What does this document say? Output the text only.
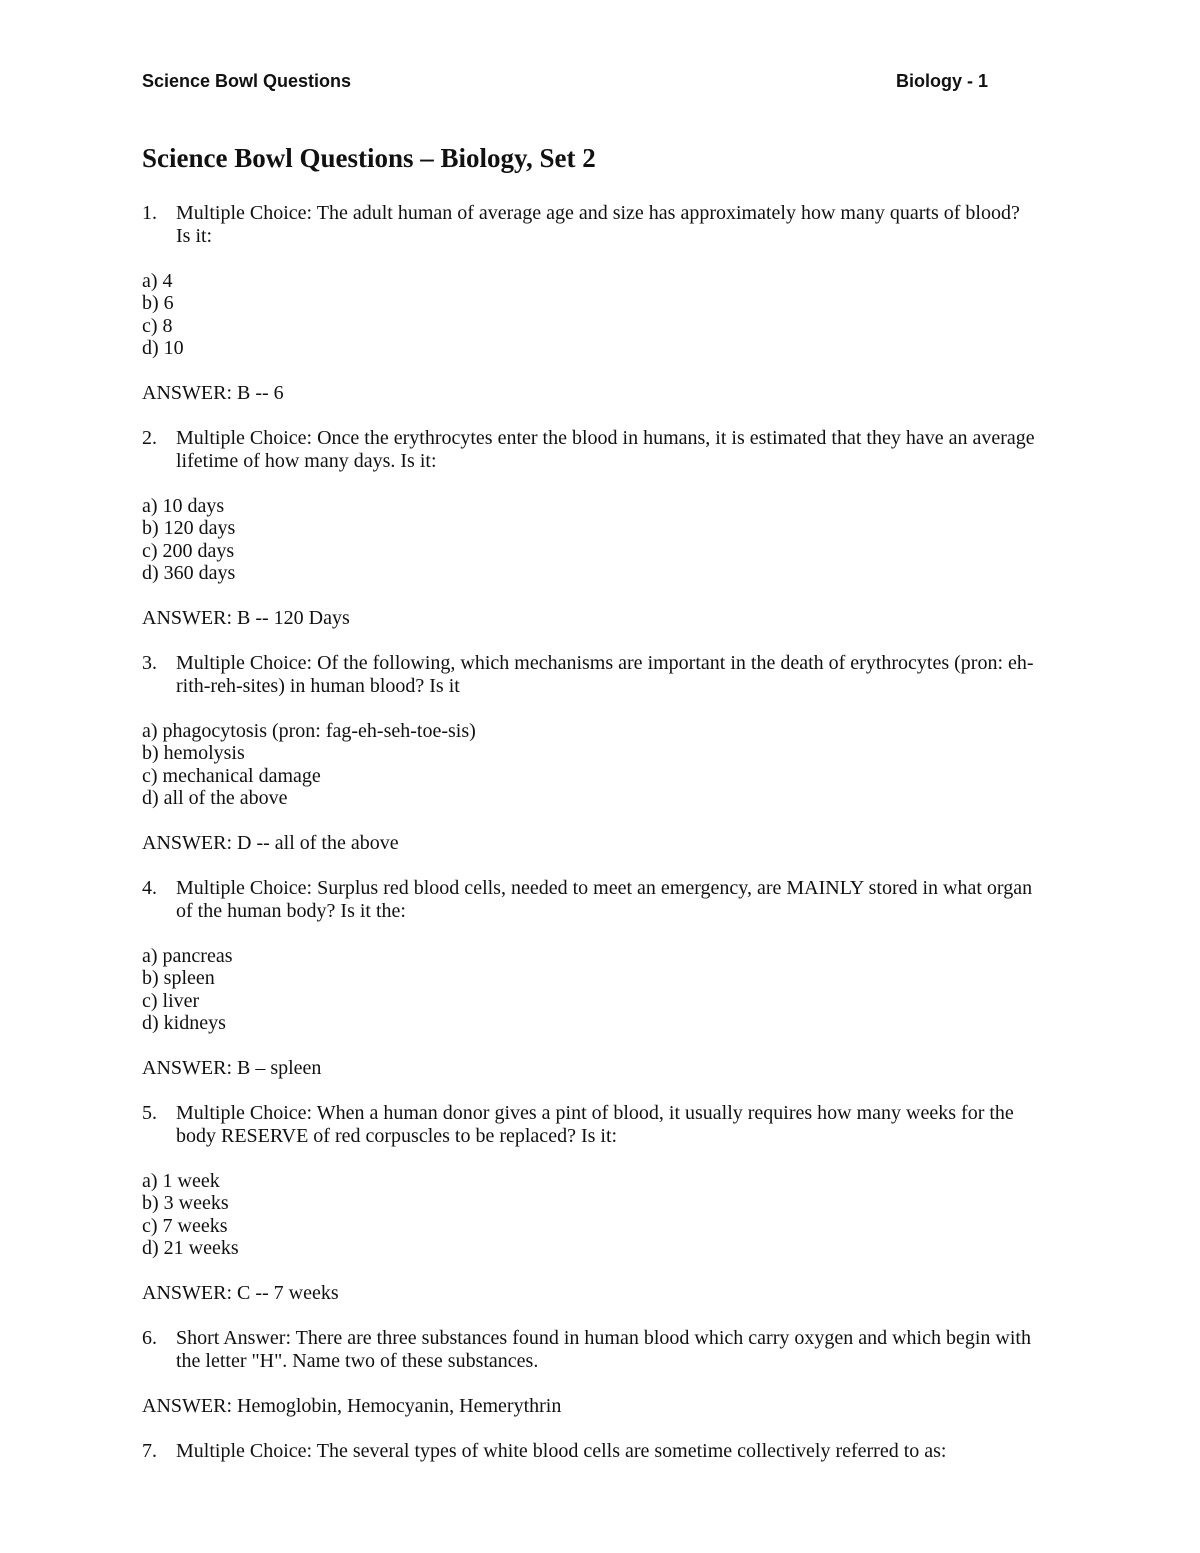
Science Bowl Questions	Biology - 1
Science Bowl Questions – Biology, Set 2
1. Multiple Choice: The adult human of average age and size has approximately how many quarts of blood? Is it:
a) 4
b) 6
c) 8
d) 10
ANSWER: B -- 6
2. Multiple Choice: Once the erythrocytes enter the blood in humans, it is estimated that they have an average lifetime of how many days. Is it:
a) 10 days
b) 120 days
c) 200 days
d) 360 days
ANSWER: B -- 120 Days
3. Multiple Choice: Of the following, which mechanisms are important in the death of erythrocytes (pron: eh-rith-reh-sites) in human blood? Is it
a) phagocytosis (pron: fag-eh-seh-toe-sis)
b) hemolysis
c) mechanical damage
d) all of the above
ANSWER: D -- all of the above
4. Multiple Choice: Surplus red blood cells, needed to meet an emergency, are MAINLY stored in what organ of the human body? Is it the:
a) pancreas
b) spleen
c) liver
d) kidneys
ANSWER: B – spleen
5. Multiple Choice: When a human donor gives a pint of blood, it usually requires how many weeks for the body RESERVE of red corpuscles to be replaced? Is it:
a) 1 week
b) 3 weeks
c) 7 weeks
d) 21 weeks
ANSWER: C -- 7 weeks
6. Short Answer: There are three substances found in human blood which carry oxygen and which begin with the letter "H". Name two of these substances.
ANSWER: Hemoglobin, Hemocyanin, Hemerythrin
7. Multiple Choice: The several types of white blood cells are sometime collectively referred to as:
